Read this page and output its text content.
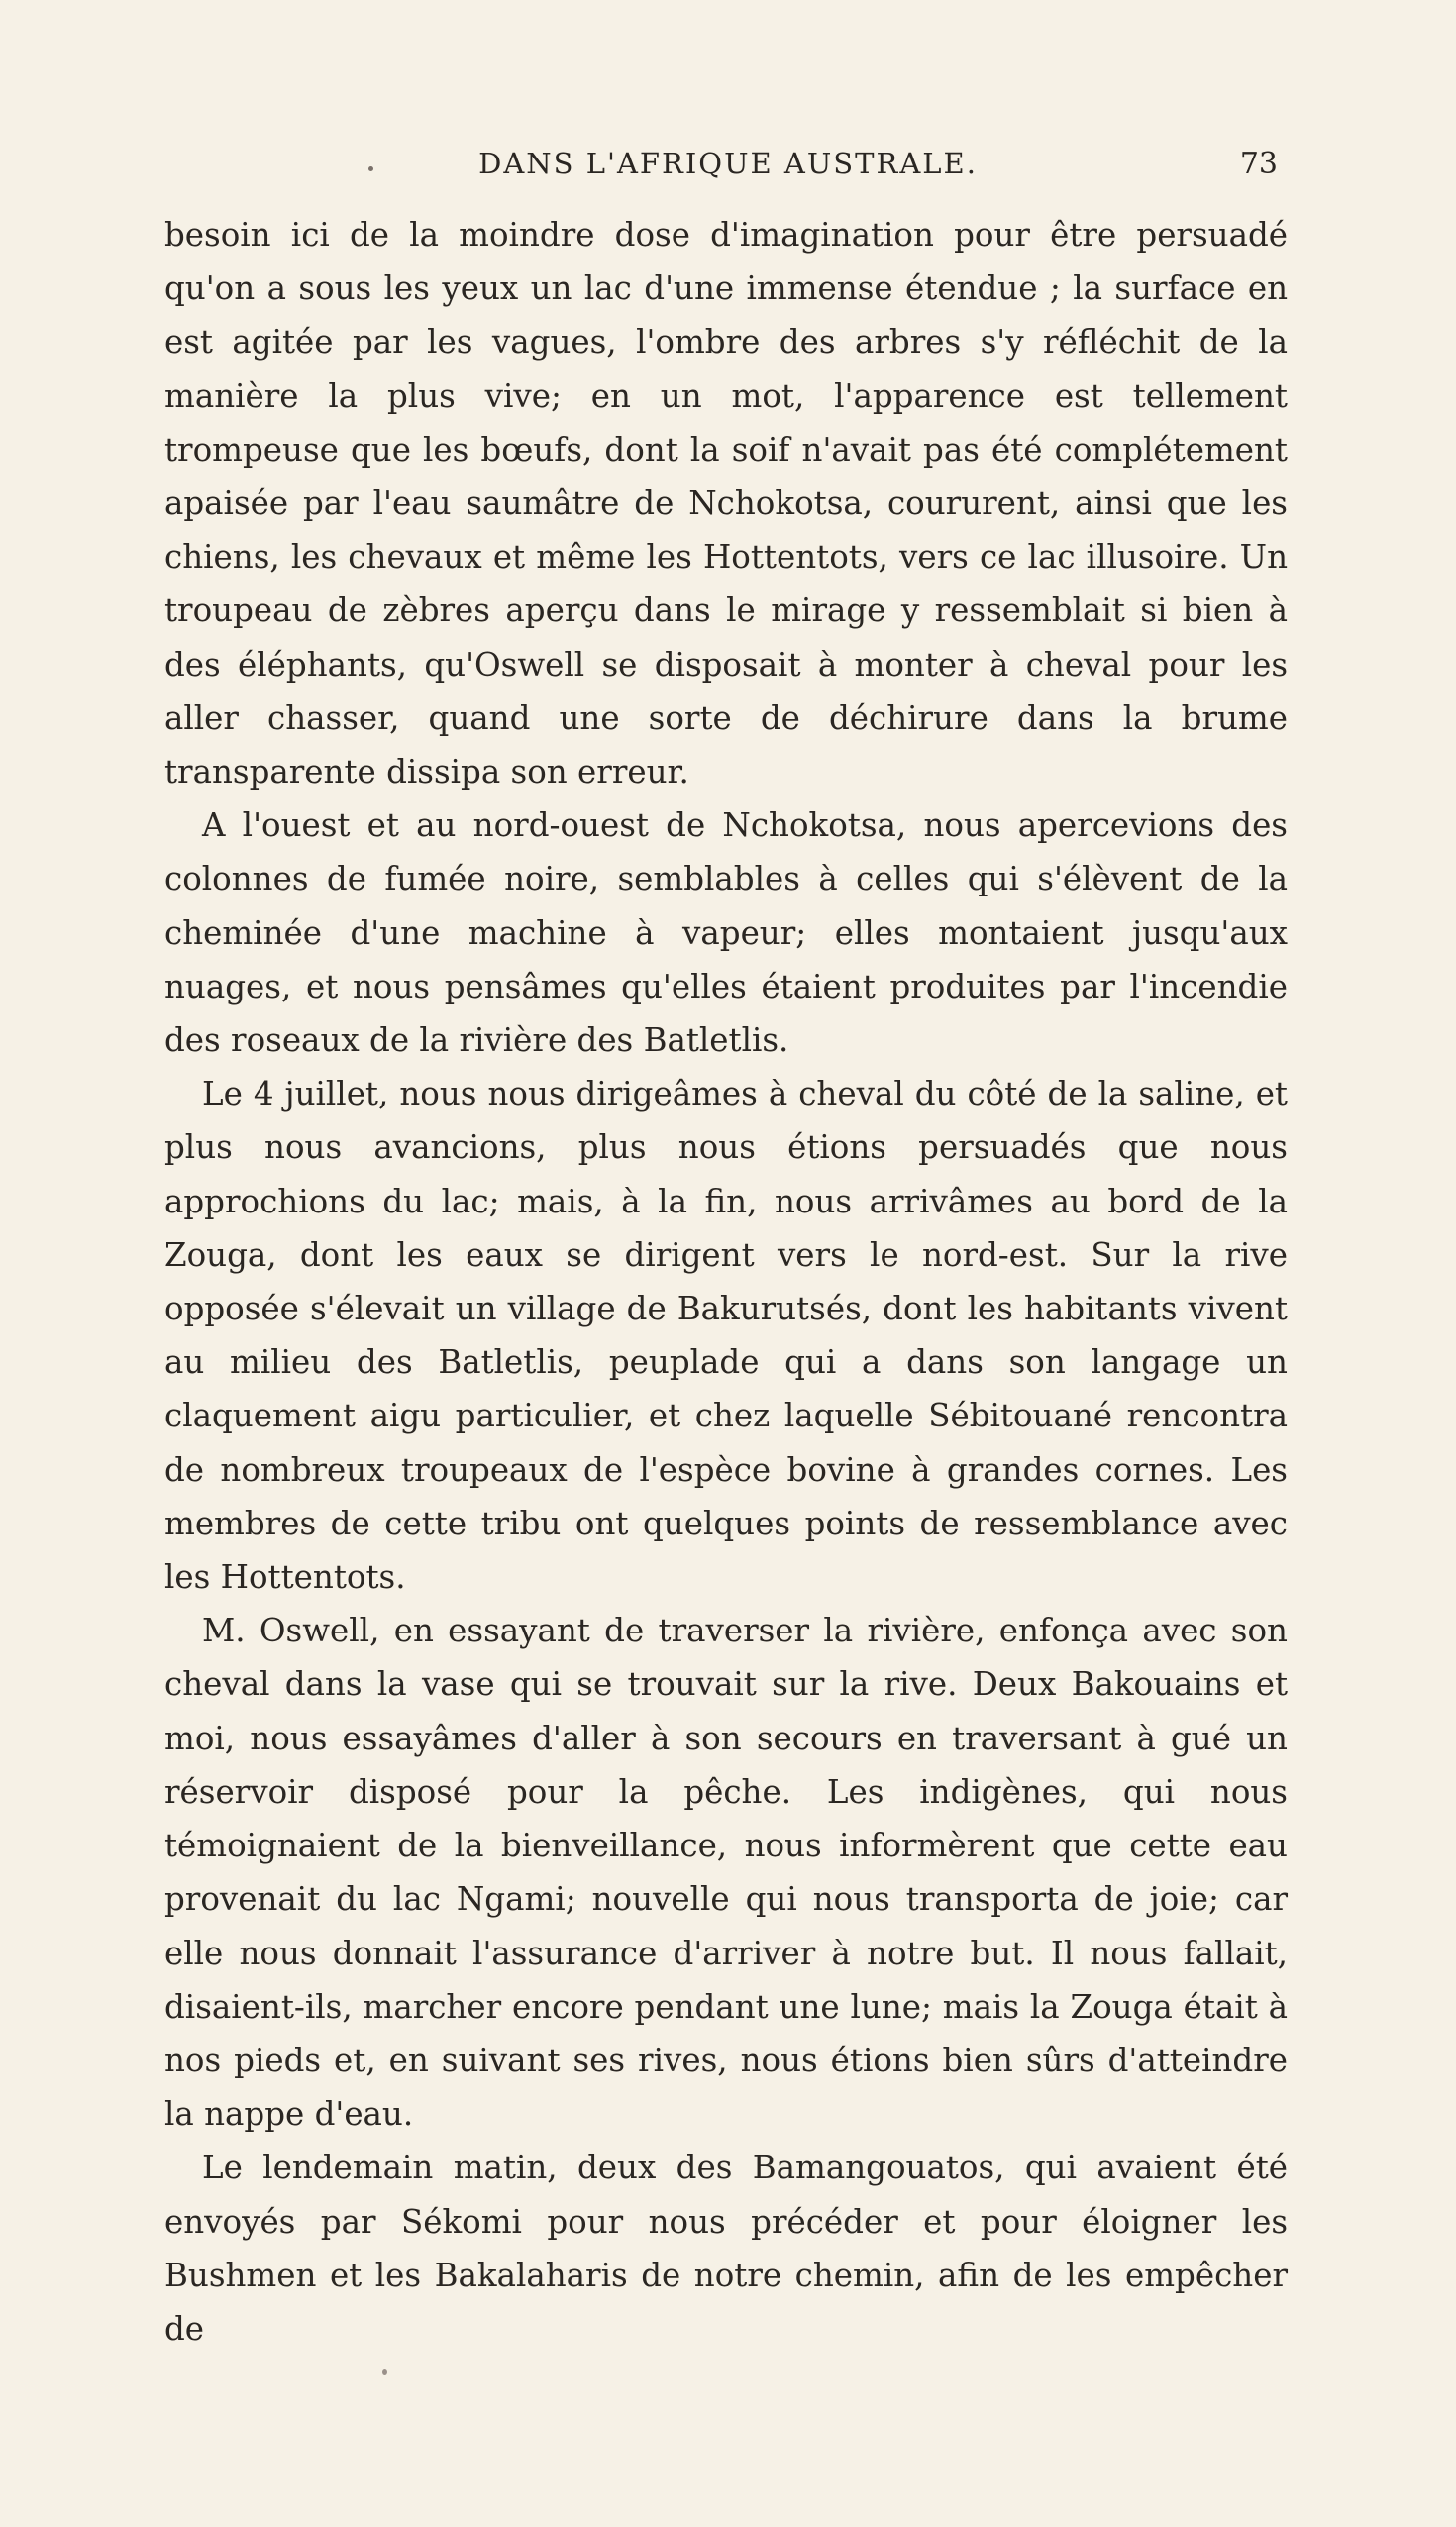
DANS L'AFRIQUE AUSTRALE.	73

besoin ici de la moindre dose d'imagination pour être persuadé qu'on a sous les yeux un lac d'une immense étendue ; la surface en est agitée par les vagues, l'ombre des arbres s'y réfléchit de la manière la plus vive; en un mot, l'apparence est tellement trompeuse que les bœufs, dont la soif n'avait pas été complétement apaisée par l'eau saumâtre de Nchokotsa, coururent, ainsi que les chiens, les chevaux et même les Hottentots, vers ce lac illusoire. Un troupeau de zèbres aperçu dans le mirage y ressemblait si bien à des éléphants, qu'Oswell se disposait à monter à cheval pour les aller chasser, quand une sorte de déchirure dans la brume transparente dissipa son erreur.

A l'ouest et au nord-ouest de Nchokotsa, nous apercevions des colonnes de fumée noire, semblables à celles qui s'élèvent de la cheminée d'une machine à vapeur; elles montaient jusqu'aux nuages, et nous pensâmes qu'elles étaient produites par l'incendie des roseaux de la rivière des Batletlis.

Le 4 juillet, nous nous dirigeâmes à cheval du côté de la saline, et plus nous avancions, plus nous étions persuadés que nous approchions du lac; mais, à la fin, nous arrivâmes au bord de la Zouga, dont les eaux se dirigent vers le nord-est. Sur la rive opposée s'élevait un village de Bakurutsés, dont les habitants vivent au milieu des Batletlis, peuplade qui a dans son langage un claquement aigu particulier, et chez laquelle Sébitouané rencontra de nombreux troupeaux de l'espèce bovine à grandes cornes. Les membres de cette tribu ont quelques points de ressemblance avec les Hottentots.

M. Oswell, en essayant de traverser la rivière, enfonça avec son cheval dans la vase qui se trouvait sur la rive. Deux Bakouains et moi, nous essayâmes d'aller à son secours en traversant à gué un réservoir disposé pour la pêche. Les indigènes, qui nous témoignaient de la bienveillance, nous informèrent que cette eau provenait du lac Ngami; nouvelle qui nous transporta de joie; car elle nous donnait l'assurance d'arriver à notre but. Il nous fallait, disaient-ils, marcher encore pendant une lune; mais la Zouga était à nos pieds et, en suivant ses rives, nous étions bien sûrs d'atteindre la nappe d'eau.

Le lendemain matin, deux des Bamangouatos, qui avaient été envoyés par Sékomi pour nous précéder et pour éloigner les Bushmen et les Bakalaharis de notre chemin, afin de les empêcher de
